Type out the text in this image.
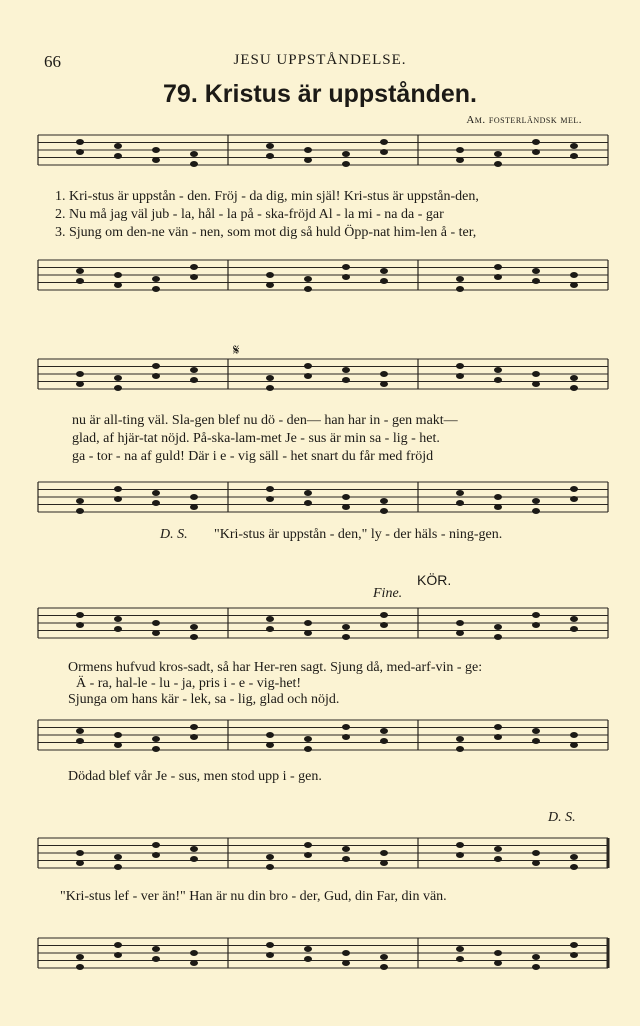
66	JESU UPPSTÅNDELSE.
79. Kristus är uppstånden.
Am. fosterländsk mel.
1. Kri-stus är uppstån - den. Fröj - da dig, min själ! Kri-stus är uppstån-den,
2. Nu må jag väl jub - la, hål - la på - ska-fröjd Al - la mi - na da - gar
3. Sjung om den-ne vän - nen, som mot dig så huld Öpp-nat him-len å - ter,
𝄋
nu är all-ting väl. Sla-gen blef nu dö - den— han har in - gen makt—
glad, af hjär-tat nöjd. På-ska-lam-met Je - sus är min sa - lig - het.
ga - tor - na af guld! Där i e - vig säll - het snart du får med fröjd
D. S. "Kri-stus är uppstån - den," ly - der häls - ning-gen.
KÖR.
Fine.
Ormens hufvud kros-sadt, så har Her-ren sagt. Sjung då, med-arf-vin - ge:
Ä - ra, hal-le - lu - ja, pris i - e - vig-het!
Sjunga om hans kär - lek, sa - lig, glad och nöjd.
Dödad blef vår Je - sus, men stod upp i - gen.
D. S.
"Kri-stus lef - ver än!" Han är nu din bro - der, Gud, din Far, din vän.
